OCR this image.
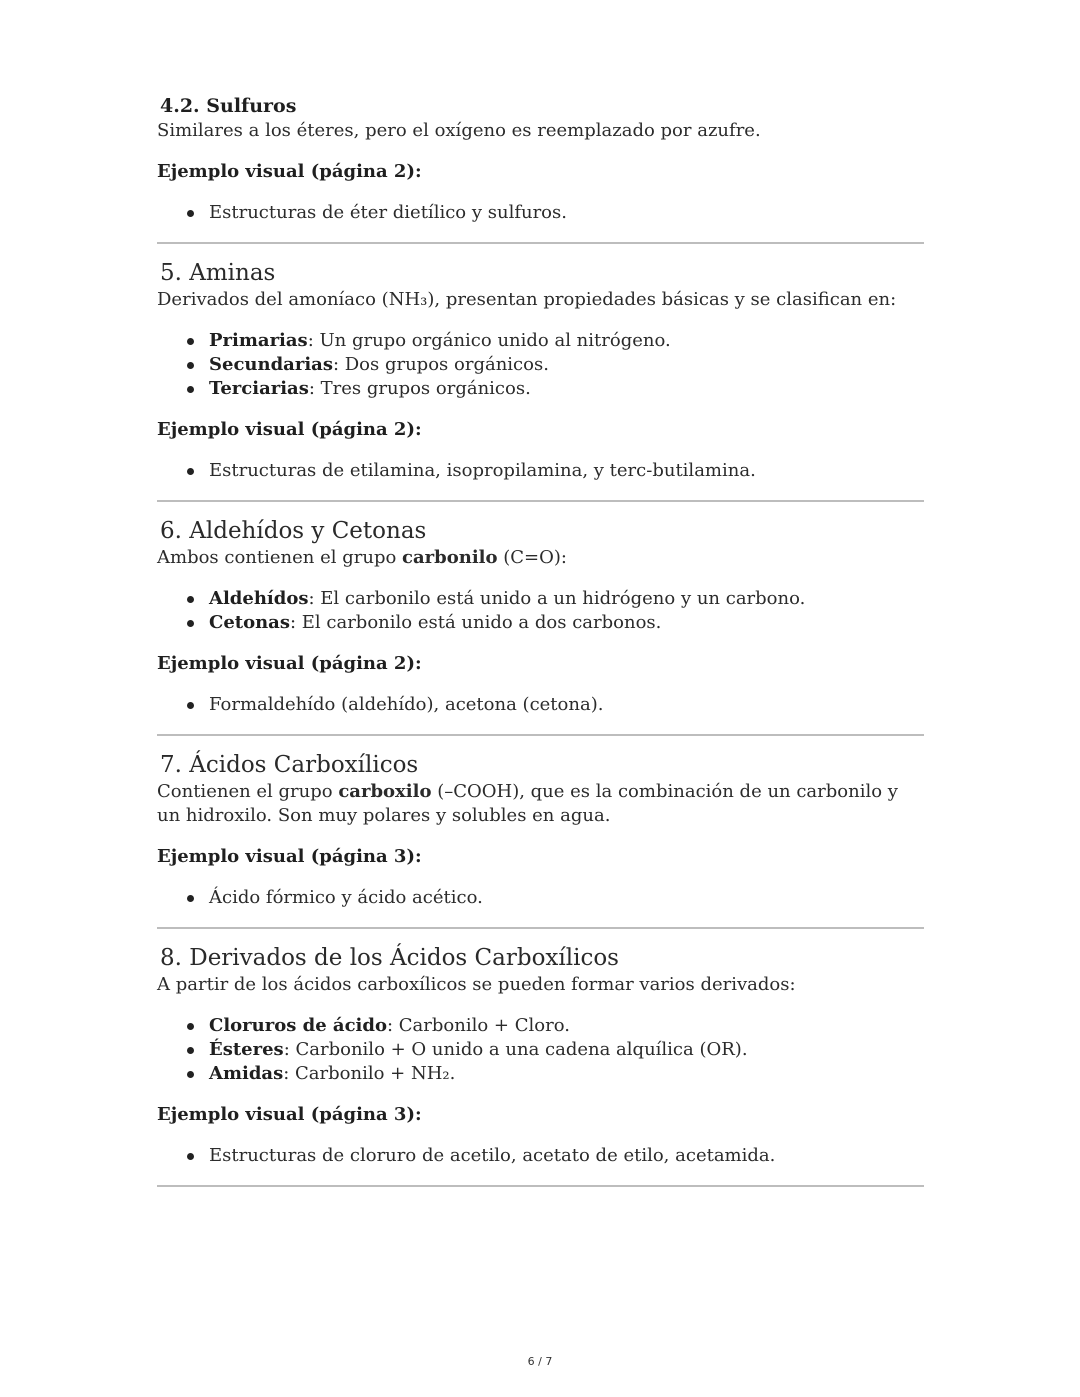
4.2. Sulfuros

Similares a los éteres, pero el oxígeno es reemplazado por azufre.

Ejemplo visual (página 2):
Estructuras de éter dietílico y sulfuros.
5. Aminas

Derivados del amoníaco (NH₃), presentan propiedades básicas y se clasifican en:

Primarias: Un grupo orgánico unido al nitrógeno.
Secundarias: Dos grupos orgánicos.
Terciarias: Tres grupos orgánicos.
Ejemplo visual (página 2):
Estructuras de etilamina, isopropilamina, y terc-butilamina.
6. Aldehídos y Cetonas

Ambos contienen el grupo carbonilo (C=O):

Aldehídos: El carbonilo está unido a un hidrógeno y un carbono.
Cetonas: El carbonilo está unido a dos carbonos.
Ejemplo visual (página 2):
Formaldehído (aldehído), acetona (cetona).
7. Ácidos Carboxílicos

Contienen el grupo carboxilo (–COOH), que es la combinación de un carbonilo y un hidroxilo. Son muy polares y solubles en agua.

Ejemplo visual (página 3):
Ácido fórmico y ácido acético.
8. Derivados de los Ácidos Carboxílicos

A partir de los ácidos carboxílicos se pueden formar varios derivados:

Cloruros de ácido: Carbonilo + Cloro.
Ésteres: Carbonilo + O unido a una cadena alquílica (OR).
Amidas: Carbonilo + NH₂.
Ejemplo visual (página 3):
Estructuras de cloruro de acetilo, acetato de etilo, acetamida.
6 / 7
